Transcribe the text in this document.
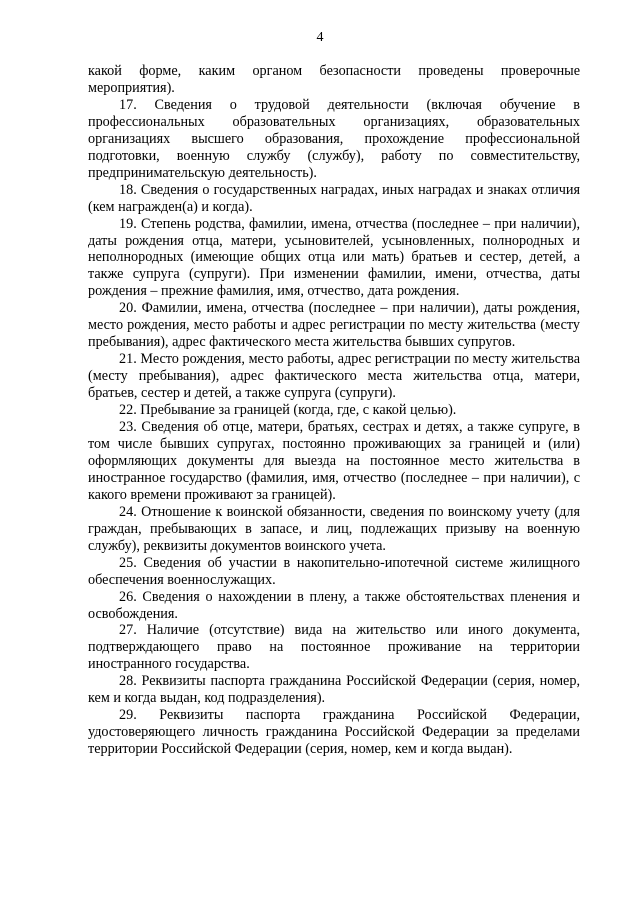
4

какой форме, каким органом безопасности проведены проверочные мероприятия).

17. Сведения о трудовой деятельности (включая обучение в профессиональных образовательных организациях, образовательных организациях высшего образования, прохождение профессиональной подготовки, военную службу (службу), работу по совместительству, предпринимательскую деятельность).

18. Сведения о государственных наградах, иных наградах и знаках отличия (кем награжден(а) и когда).

19. Степень родства, фамилии, имена, отчества (последнее – при наличии), даты рождения отца, матери, усыновителей, усыновленных, полнородных и неполнородных (имеющие общих отца или мать) братьев и сестер, детей, а также супруга (супруги). При изменении фамилии, имени, отчества, даты рождения – прежние фамилия, имя, отчество, дата рождения.

20. Фамилии, имена, отчества (последнее – при наличии), даты рождения, место рождения, место работы и адрес регистрации по месту жительства (месту пребывания), адрес фактического места жительства бывших супругов.

21. Место рождения, место работы, адрес регистрации по месту жительства (месту пребывания), адрес фактического места жительства отца, матери, братьев, сестер и детей, а также супруга (супруги).

22. Пребывание за границей (когда, где, с какой целью).

23. Сведения об отце, матери, братьях, сестрах и детях, а также супруге, в том числе бывших супругах, постоянно проживающих за границей и (или) оформляющих документы для выезда на постоянное место жительства в иностранное государство (фамилия, имя, отчество (последнее – при наличии), с какого времени проживают за границей).

24. Отношение к воинской обязанности, сведения по воинскому учету (для граждан, пребывающих в запасе, и лиц, подлежащих призыву на военную службу), реквизиты документов воинского учета.

25. Сведения об участии в накопительно-ипотечной системе жилищного обеспечения военнослужащих.

26. Сведения о нахождении в плену, а также обстоятельствах пленения и освобождения.

27. Наличие (отсутствие) вида на жительство или иного документа, подтверждающего право на постоянное проживание на территории иностранного государства.

28. Реквизиты паспорта гражданина Российской Федерации (серия, номер, кем и когда выдан, код подразделения).

29. Реквизиты паспорта гражданина Российской Федерации, удостоверяющего личность гражданина Российской Федерации за пределами территории Российской Федерации (серия, номер, кем и когда выдан).
